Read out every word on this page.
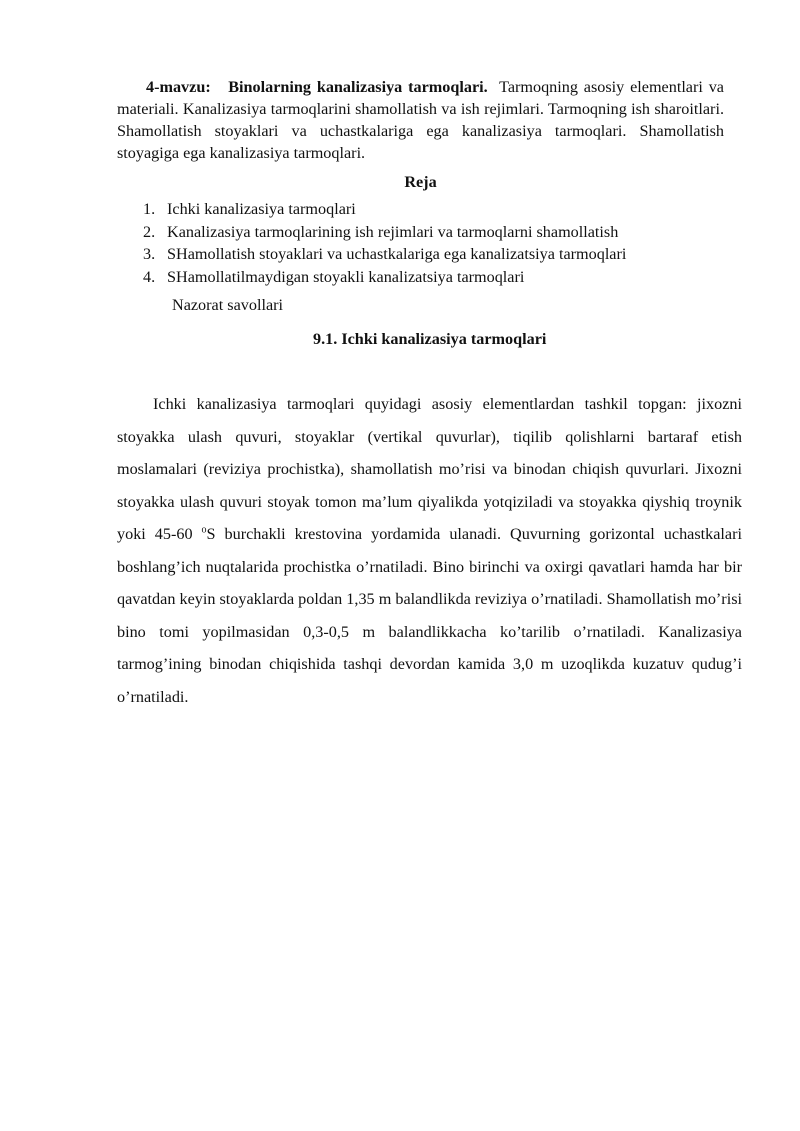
4-mavzu: Binolarning kanalizasiya tarmoqlari. Tarmoqning asosiy elementlari va materiali. Kanalizasiya tarmoqlarini shamollatish va ish rejimlari. Tarmoqning ish sharoitlari. Shamollatish stoyaklari va uchastkalariga ega kanalizasiya tarmoqlari. Shamollatish stoyagiga ega kanalizasiya tarmoqlari.

Reja
1. Ichki kanalizasiya tarmoqlari
2. Kanalizasiya tarmoqlarining ish rejimlari va tarmoqlarni shamollatish
3. SHamollatish stoyaklari va uchastkalariga ega kanalizatsiya tarmoqlari
4. SHamollatilmaydigan stoyakli kanalizatsiya tarmoqlari
Nazorat savollari
9.1. Ichki kanalizasiya tarmoqlari

Ichki kanalizasiya tarmoqlari quyidagi asosiy elementlardan tashkil topgan: jixozni stoyakka ulash quvuri, stoyaklar (vertikal quvurlar), tiqilib qolishlarni bartaraf etish moslamalari (reviziya prochistka), shamollatish mo’risi va binodan chiqish quvurlari. Jixozni stoyakka ulash quvuri stoyak tomon ma’lum qiyalikda yotqiziladi va stoyakka qiyshiq troynik yoki 45-60 $^o$S burchakli krestovina yordamida ulanadi. Quvurning gorizontal uchastkalari boshlang’ich nuqtalarida prochistka o’rnatiladi. Bino birinchi va oxirgi qavatlari hamda har bir qavatdan keyin stoyaklarda poldan 1,35 m balandlikda reviziya o’rnatiladi. Shamollatish mo’risi bino tomi yopilmasidan 0,3-0,5 m balandlikkacha ko’tarilib o’rnatiladi. Kanalizasiya tarmog’ining binodan chiqishida tashqi devordan kamida 3,0 m uzoqlikda kuzatuv qudug’i o’rnatiladi.
